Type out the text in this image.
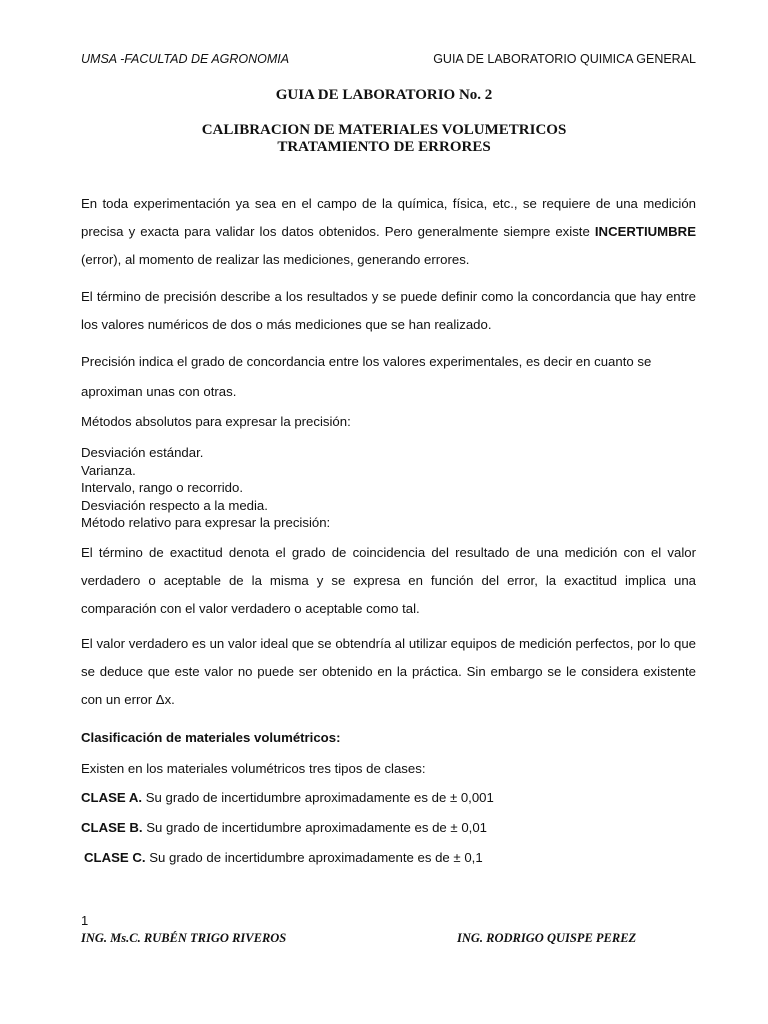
UMSA -FACULTAD DE AGRONOMIA	GUIA DE LABORATORIO QUIMICA GENERAL
GUIA DE LABORATORIO No. 2
CALIBRACION DE MATERIALES VOLUMETRICOS
TRATAMIENTO DE ERRORES
En toda experimentación ya sea en el campo de la química, física, etc., se requiere de una medición precisa y exacta para validar los datos obtenidos. Pero generalmente siempre existe INCERTIUMBRE (error), al momento de realizar las mediciones, generando errores.
El término de precisión describe a los resultados y se puede definir como la concordancia que hay entre los valores numéricos de dos o más mediciones que se han realizado.
Precisión indica el grado de concordancia entre los valores experimentales, es decir en cuanto se
aproximan unas con otras.
Métodos absolutos para expresar la precisión:
Desviación estándar.
Varianza.
Intervalo, rango o recorrido.
Desviación respecto a la media.
Método relativo para expresar la precisión:
El término de exactitud denota el grado de coincidencia del resultado de una medición con el valor verdadero o aceptable de la misma y se expresa en función del error, la exactitud implica una comparación con el valor verdadero o aceptable como tal.
El valor verdadero es un valor ideal que se obtendría al utilizar equipos de medición perfectos, por lo que se deduce que este valor no puede ser obtenido en la práctica. Sin embargo se le considera existente con un error Δx.
Clasificación de materiales volumétricos:
Existen en los materiales volumétricos tres tipos de clases:
CLASE A. Su grado de incertidumbre aproximadamente es de ± 0,001
CLASE B. Su grado de incertidumbre aproximadamente es de ± 0,01
CLASE C. Su grado de incertidumbre aproximadamente es de ± 0,1
1
ING. Ms.C. RUBÉN TRIGO RIVEROS	ING. RODRIGO QUISPE PEREZ
